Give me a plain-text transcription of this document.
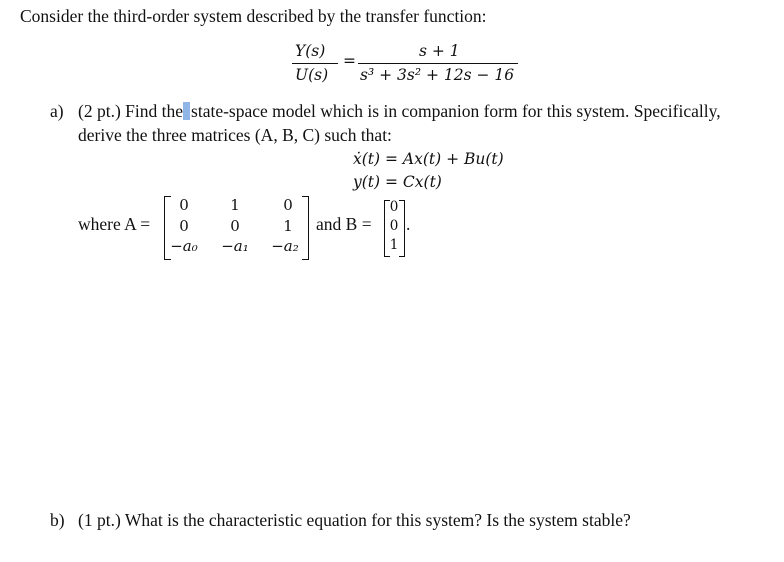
Consider the third-order system described by the transfer function:
Y(s)
U(s)
=
s + 1
s³ + 3s² + 12s − 16
a) (2 pt.) Find the state-space model which is in companion form for this system. Specifically,
derive the three matrices (A, B, C) such that:
ẋ(t) = Ax(t) + Bu(t)
y(t) = Cx(t)
where A =
0	1	0
0	0	1
−a₀	−a₁	−a₂
and B =
0
0
1
.
b) (1 pt.) What is the characteristic equation for this system? Is the system stable?
